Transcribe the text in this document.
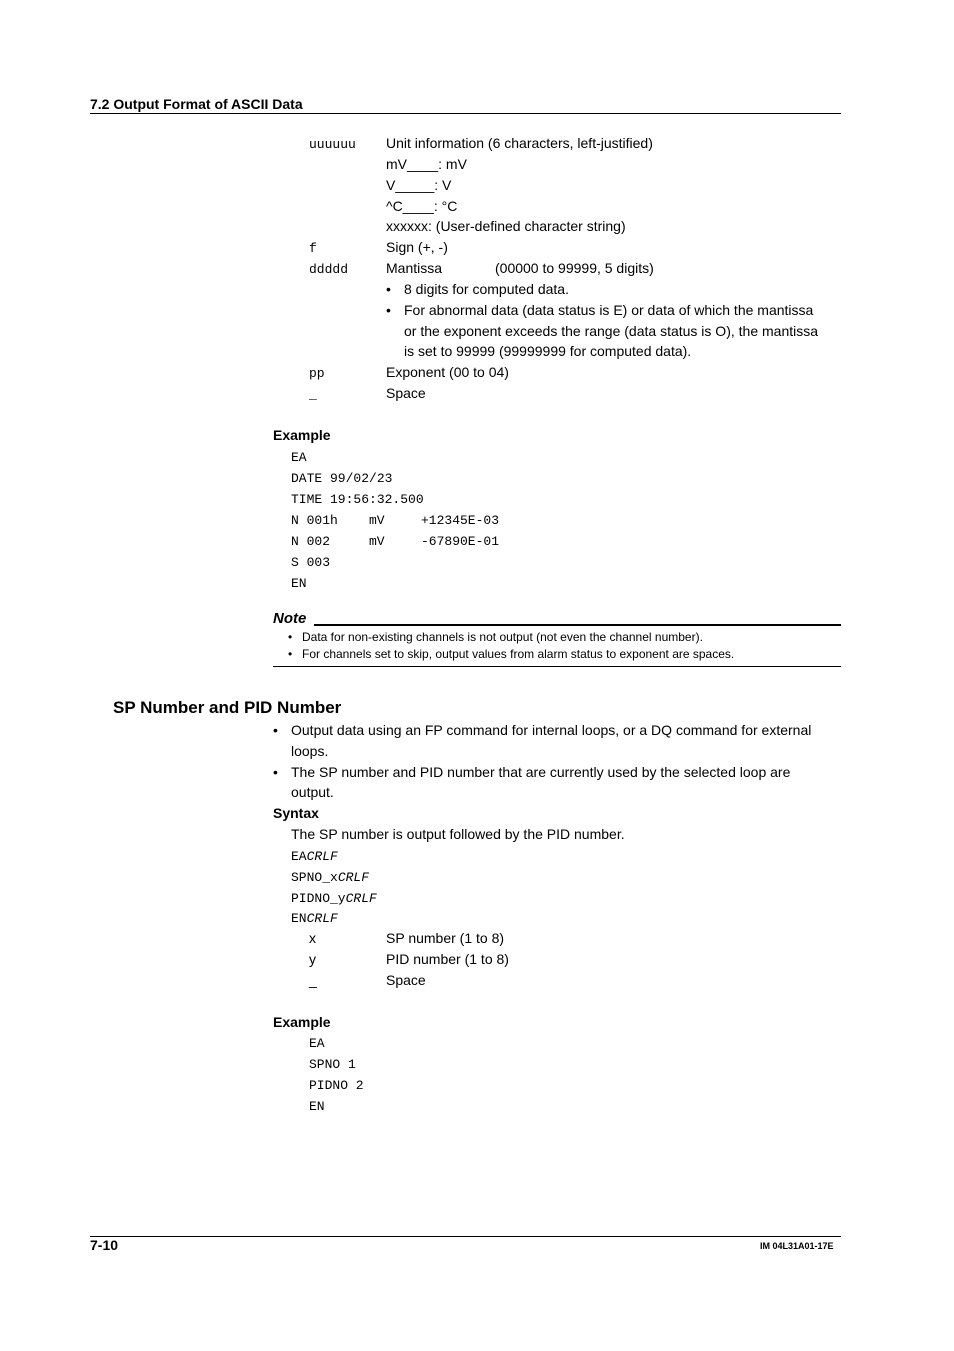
7.2 Output Format of ASCII Data
uuuuuu Unit information (6 characters, left-justified)
mV____: mV
V_____: V
^C____: °C
xxxxxx: (User-defined character string)
f	Sign (+, -)
ddddd	Mantissa	(00000 to 99999, 5 digits)
• 8 digits for computed data.
• For abnormal data (data status is E) or data of which the mantissa
or the exponent exceeds the range (data status is O), the mantissa
is set to 99999 (99999999 for computed data).
pp	Exponent (00 to 04)
_	Space
Example
EA
DATE 99/02/23
TIME 19:56:32.500
N 001h mV	+12345E-03
N 002	mV	-67890E-01
S 003
EN
Note
• Data for non-existing channels is not output (not even the channel number).
• For channels set to skip, output values from alarm status to exponent are spaces.
SP Number and PID Number
• Output data using an FP command for internal loops, or a DQ command for external
loops.
• The SP number and PID number that are currently used by the selected loop are
output.
Syntax
The SP number is output followed by the PID number.
EACRLF
SPNO_xCRLF
PIDNO_yCRLF
ENCRLF
x	SP number (1 to 8)
y	PID number (1 to 8)
_	Space
Example
EA
SPNO 1
PIDNO 2
EN
7-10	IM 04L31A01-17E
